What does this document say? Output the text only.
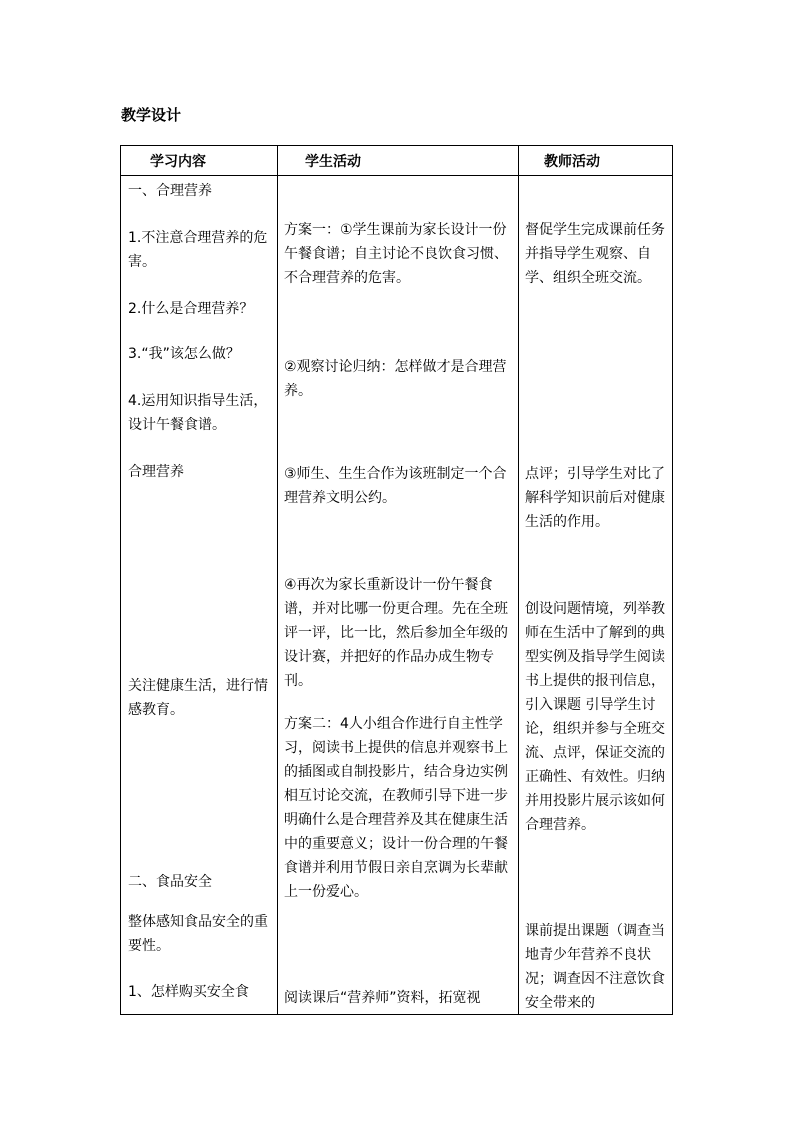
教学设计
学习内容	学生活动	教师活动
一、合理营养
1.不注意合理营养的危害。
2.什么是合理营养？
3.“我”该怎么做？
4.运用知识指导生活，设计午餐食谱。
合理营养
关注健康生活，进行情感教育。
二、食品安全
整体感知食品安全的重要性。
1、怎样购买安全食
方案一：①学生课前为家长设计一份午餐食谱；自主讨论不良饮食习惯、不合理营养的危害。
②观察讨论归纳：怎样做才是合理营养。
③师生、生生合作为该班制定一个合理营养文明公约。
④再次为家长重新设计一份午餐食谱，并对比哪一份更合理。先在全班评一评，比一比，然后参加全年级的设计赛，并把好的作品办成生物专刊。
方案二：4人小组合作进行自主性学习，阅读书上提供的信息并观察书上的插图或自制投影片，结合身边实例相互讨论交流，在教师引导下进一步明确什么是合理营养及其在健康生活中的重要意义；设计一份合理的午餐食谱并利用节假日亲自烹调为长辈献上一份爱心。
阅读课后“营养师”资料，拓宽视
督促学生完成课前任务并指导学生观察、自学、组织全班交流。
点评；引导学生对比了解科学知识前后对健康生活的作用。
创设问题情境，列举教师在生活中了解到的典型实例及指导学生阅读书上提供的报刊信息，引入课题 引导学生讨论，组织并参与全班交流、点评，保证交流的正确性、有效性。归纳并用投影片展示该如何合理营养。
课前提出课题（调查当地青少年营养不良状况；调查因不注意饮食安全带来的
